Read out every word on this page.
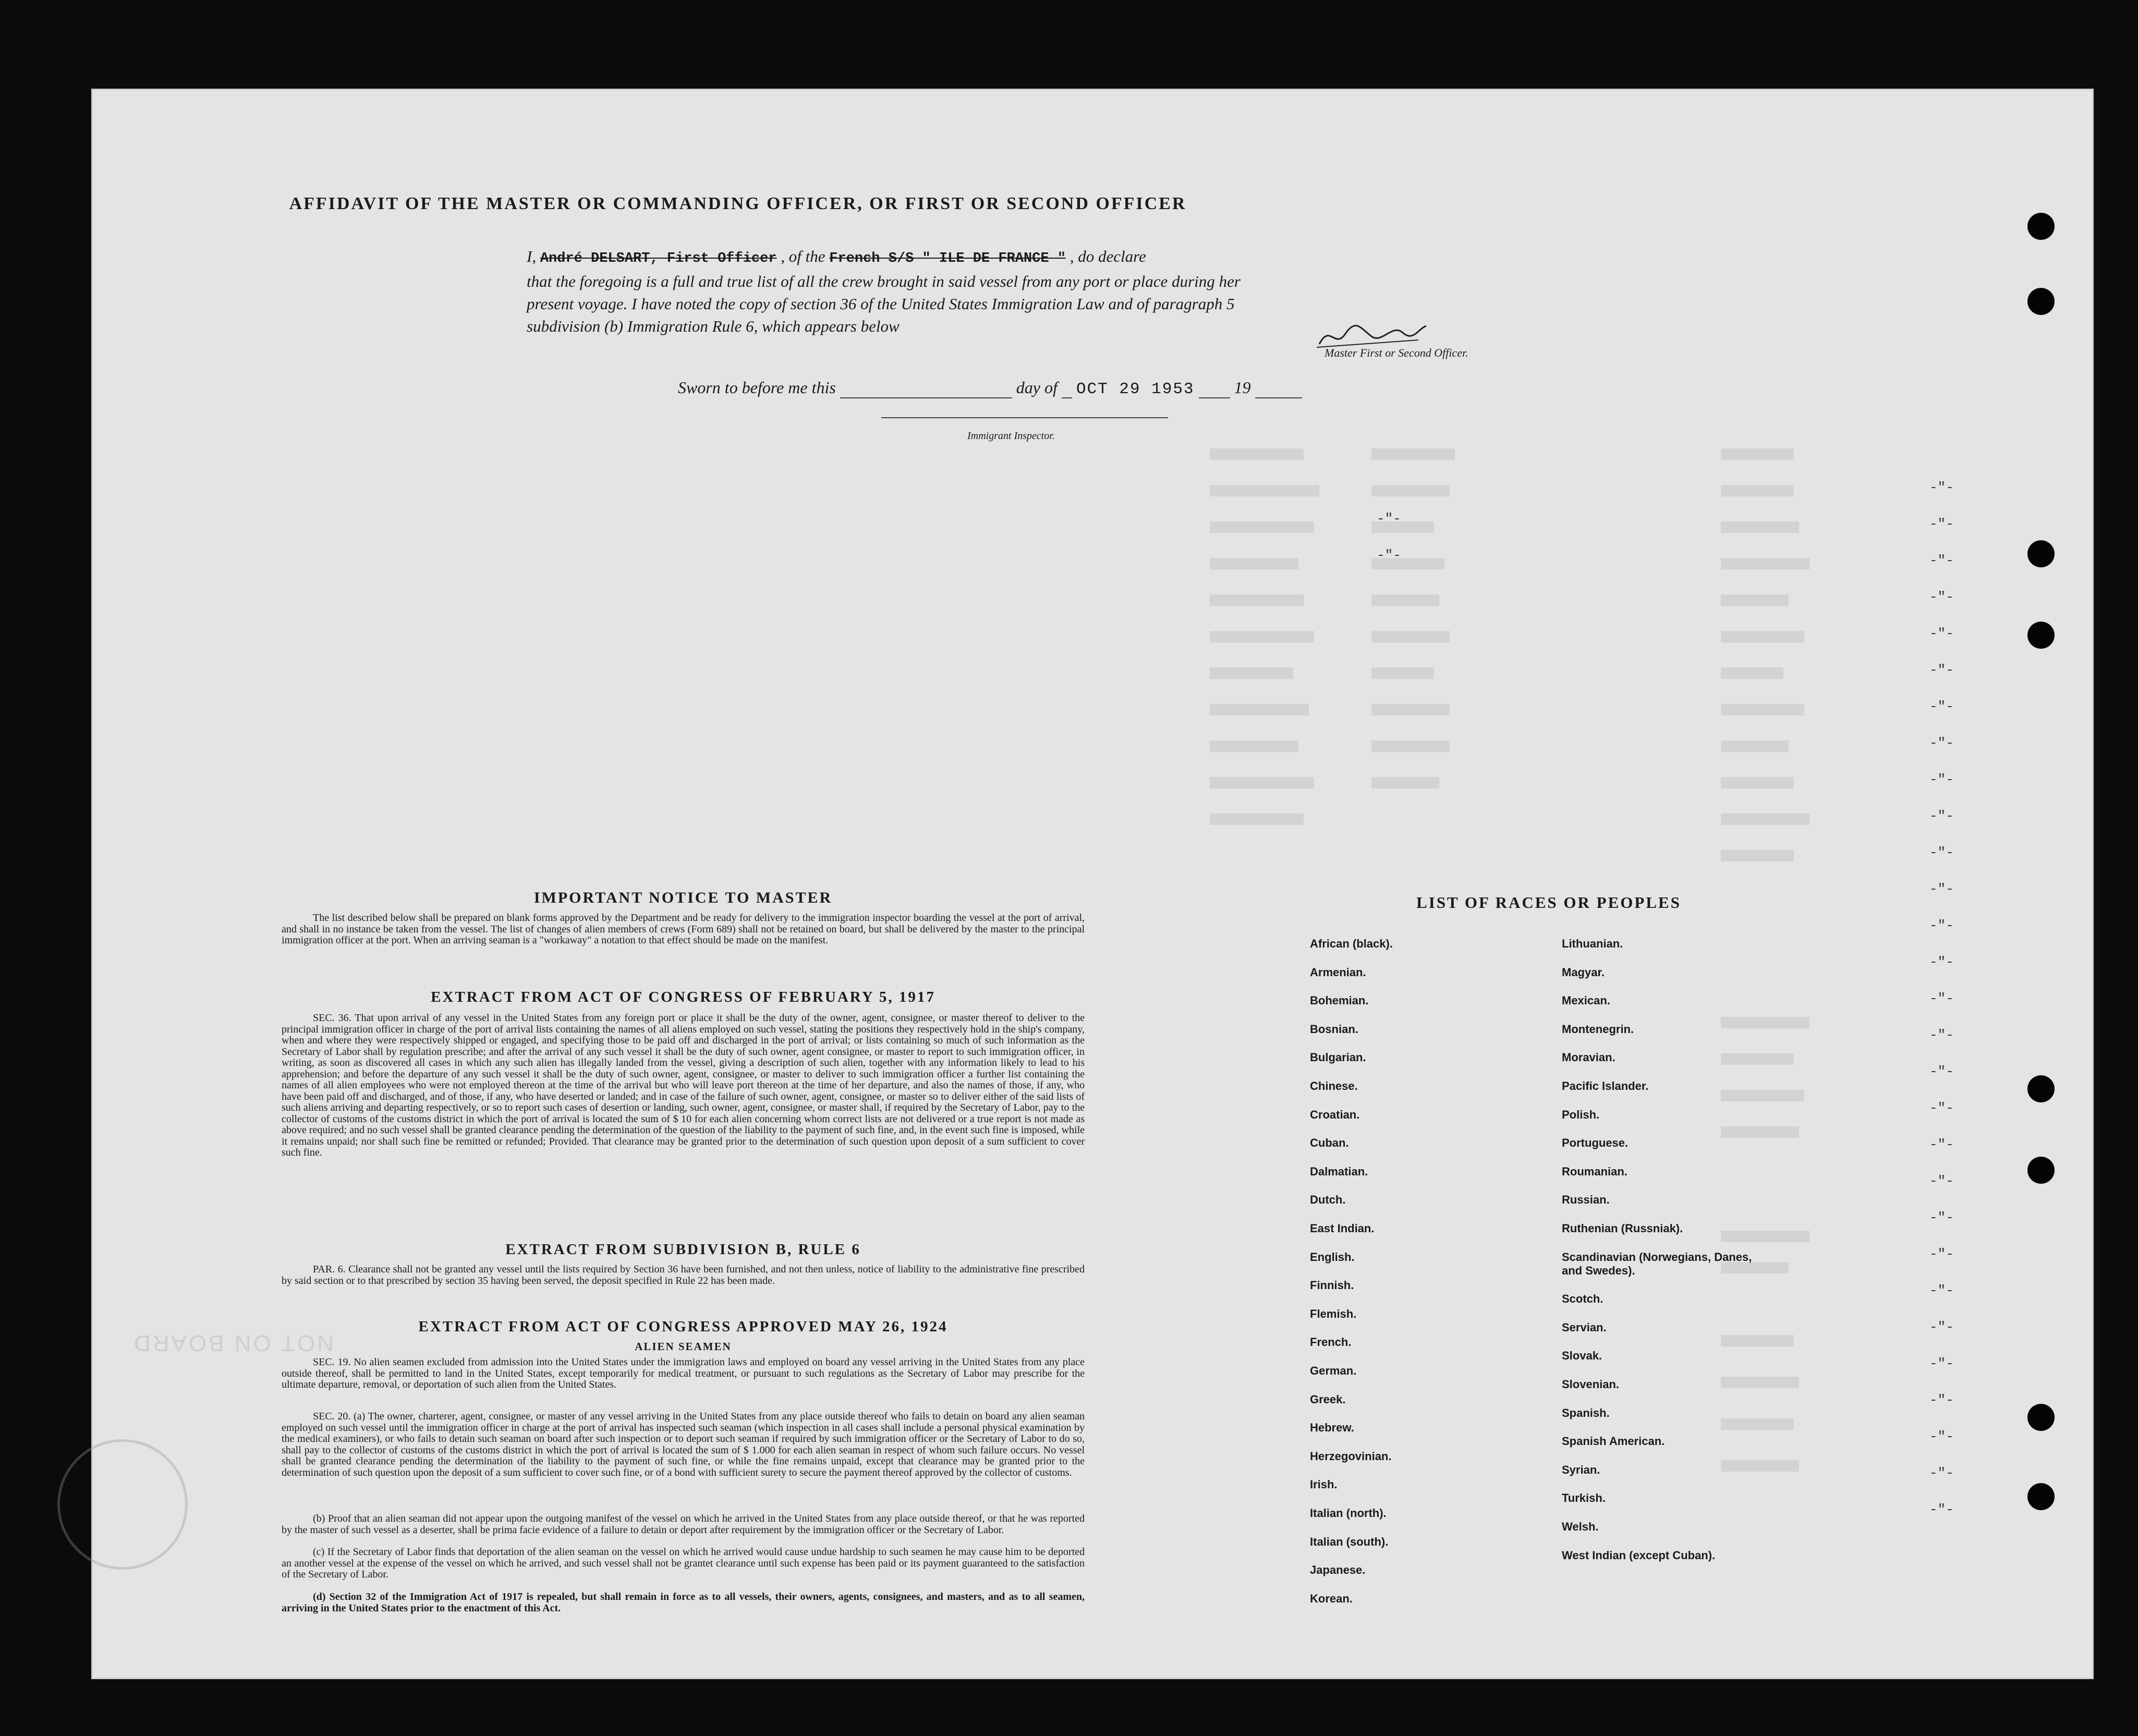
NOT ON BOARD
-"-
-"-
-"-
-"-
-"-
-"-
-"-
-"-
-"-
-"-
-"-
-"-
-"-
-"-
-"-
-"-
-"-
-"-
-"-
-"-
-"-
-"-
-"-
-"-
-"-
-"-
-"-
-"-
-"-
-"-
-"-
AFFIDAVIT OF THE MASTER OR COMMANDING OFFICER, OR FIRST OR SECOND OFFICER
I, André DELSART, First Officer , of the French S/S " ILE DE FRANCE " , do declare
that the foregoing is a full and true list of all the crew brought in said vessel from any port or place during her
present voyage. I have noted the copy of section 36 of the United States Immigration Law and of paragraph 5
subdivision (b) Immigration Rule 6, which appears below
Master First or Second Officer.
Sworn to before me this	day of OCT 29 1953 19
Immigrant Inspector.
IMPORTANT NOTICE TO MASTER
The list described below shall be prepared on blank forms approved by the Department and be ready for delivery to the immigration inspector boarding the vessel at the port of arrival, and shall in no instance be taken from the vessel. The list of changes of alien members of crews (Form 689) shall not be retained on board, but shall be delivered by the master to the principal immigration officer at the port. When an arriving seaman is a "workaway" a notation to that effect should be made on the manifest.
EXTRACT FROM ACT OF CONGRESS OF FEBRUARY 5, 1917
SEC. 36. That upon arrival of any vessel in the United States from any foreign port or place it shall be the duty of the owner, agent, consignee, or master thereof to deliver to the principal immigration officer in charge of the port of arrival lists containing the names of all aliens employed on such vessel, stating the positions they respectively hold in the ship's company, when and where they were respectively shipped or engaged, and specifying those to be paid off and discharged in the port of arrival; or lists containing so much of such information as the Secretary of Labor shall by regulation prescribe; and after the arrival of any such vessel it shall be the duty of such owner, agent consignee, or master to report to such immigration officer, in writing, as soon as discovered all cases in which any such alien has illegally landed from the vessel, giving a description of such alien, together with any information likely to lead to his apprehension; and before the departure of any such vessel it shall be the duty of such owner, agent, consignee, or master to deliver to such immigration officer a further list containing the names of all alien employees who were not employed thereon at the time of the arrival but who will leave port thereon at the time of her departure, and also the names of those, if any, who have been paid off and discharged, and of those, if any, who have deserted or landed; and in case of the failure of such owner, agent, consignee, or master so to deliver either of the said lists of such aliens arriving and departing respectively, or so to report such cases of desertion or landing, such owner, agent, consignee, or master shall, if required by the Secretary of Labor, pay to the collector of customs of the customs district in which the port of arrival is located the sum of $ 10 for each alien concerning whom correct lists are not delivered or a true report is not made as above required; and no such vessel shall be granted clearance pending the determination of the question of the liability to the payment of such fine, and, in the event such fine is imposed, while it remains unpaid; nor shall such fine be remitted or refunded; Provided. That clearance may be granted prior to the determination of such question upon deposit of a sum sufficient to cover such fine.
EXTRACT FROM SUBDIVISION B, RULE 6
PAR. 6. Clearance shall not be granted any vessel until the lists required by Section 36 have been furnished, and not then unless, notice of liability to the administrative fine prescribed by said section or to that prescribed by section 35 having been served, the deposit specified in Rule 22 has been made.
EXTRACT FROM ACT OF CONGRESS APPROVED MAY 26, 1924
ALIEN SEAMEN
SEC. 19. No alien seamen excluded from admission into the United States under the immigration laws and employed on board any vessel arriving in the United States from any place outside thereof, shall be permitted to land in the United States, except temporarily for medical treatment, or pursuant to such regulations as the Secretary of Labor may prescribe for the ultimate departure, removal, or deportation of such alien from the United States.
SEC. 20. (a) The owner, charterer, agent, consignee, or master of any vessel arriving in the United States from any place outside thereof who fails to detain on board any alien seaman employed on such vessel until the immigration officer in charge at the port of arrival has inspected such seaman (which inspection in all cases shall include a personal physical examination by the medical examiners), or who fails to detain such seaman on board after such inspection or to deport such seaman if required by such immigration officer or the Secretary of Labor to do so, shall pay to the collector of customs of the customs district in which the port of arrival is located the sum of $ 1.000 for each alien seaman in respect of whom such failure occurs. No vessel shall be granted clearance pending the determination of the liability to the payment of such fine, or while the fine remains unpaid, except that clearance may be granted prior to the determination of such question upon the deposit of a sum sufficient to cover such fine, or of a bond with sufficient surety to secure the payment thereof approved by the collector of customs.
(b) Proof that an alien seaman did not appear upon the outgoing manifest of the vessel on which he arrived in the United States from any place outside thereof, or that he was reported by the master of such vessel as a deserter, shall be prima facie evidence of a failure to detain or deport after requirement by the immigration officer or the Secretary of Labor.
(c) If the Secretary of Labor finds that deportation of the alien seaman on the vessel on which he arrived would cause undue hardship to such seamen he may cause him to be deported an another vessel at the expense of the vessel on which he arrived, and such vessel shall not be grantet clearance until such expense has been paid or its payment guaranteed to the satisfaction of the Secretary of Labor.
(d) Section 32 of the Immigration Act of 1917 is repealed, but shall remain in force as to all vessels, their owners, agents, consignees, and masters, and as to all seamen, arriving in the United States prior to the enactment of this Act.
LIST OF RACES OR PEOPLES
African (black).
Armenian.
Bohemian.
Bosnian.
Bulgarian.
Chinese.
Croatian.
Cuban.
Dalmatian.
Dutch.
East Indian.
English.
Finnish.
Flemish.
French.
German.
Greek.
Hebrew.
Herzegovinian.
Irish.
Italian (north).
Italian (south).
Japanese.
Korean.
Lithuanian.
Magyar.
Mexican.
Montenegrin.
Moravian.
Pacific Islander.
Polish.
Portuguese.
Roumanian.
Russian.
Ruthenian (Russniak).
Scandinavian (Norwegians, Danes, and Swedes).
Scotch.
Servian.
Slovak.
Slovenian.
Spanish.
Spanish American.
Syrian.
Turkish.
Welsh.
West Indian (except Cuban).
